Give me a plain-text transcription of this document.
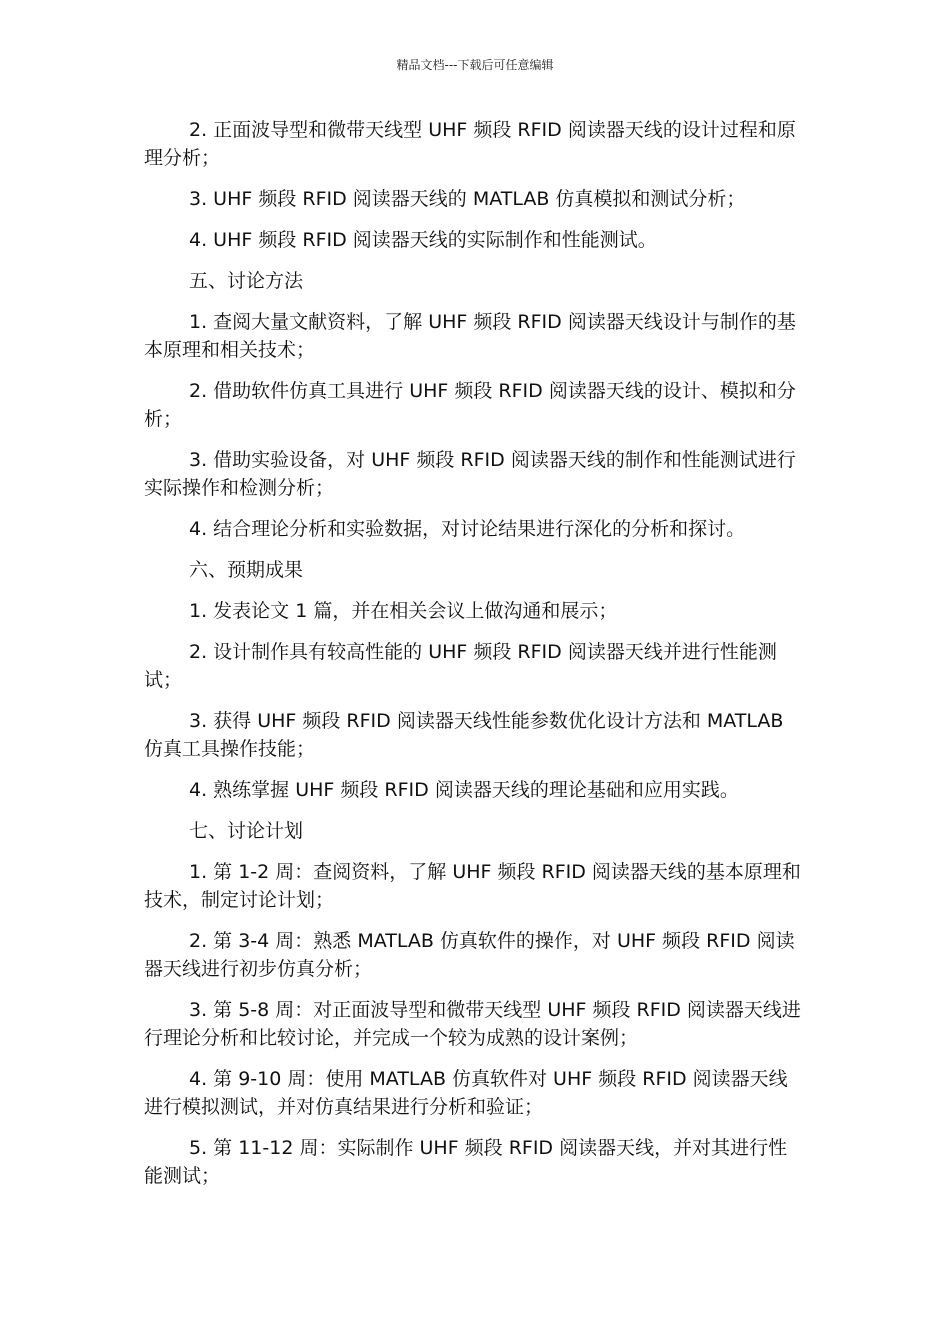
精品文档---下载后可任意编辑

2. 正面波导型和微带天线型 UHF 频段 RFID 阅读器天线的设计过程和原理分析；

3. UHF 频段 RFID 阅读器天线的 MATLAB 仿真模拟和测试分析；

4. UHF 频段 RFID 阅读器天线的实际制作和性能测试。

五、讨论方法

1. 查阅大量文献资料，了解 UHF 频段 RFID 阅读器天线设计与制作的基本原理和相关技术；

2. 借助软件仿真工具进行 UHF 频段 RFID 阅读器天线的设计、模拟和分析；

3. 借助实验设备，对 UHF 频段 RFID 阅读器天线的制作和性能测试进行实际操作和检测分析；

4. 结合理论分析和实验数据，对讨论结果进行深化的分析和探讨。

六、预期成果

1. 发表论文 1 篇，并在相关会议上做沟通和展示；

2. 设计制作具有较高性能的 UHF 频段 RFID 阅读器天线并进行性能测试；

3. 获得 UHF 频段 RFID 阅读器天线性能参数优化设计方法和 MATLAB 仿真工具操作技能；

4. 熟练掌握 UHF 频段 RFID 阅读器天线的理论基础和应用实践。

七、讨论计划

1. 第 1-2 周：查阅资料，了解 UHF 频段 RFID 阅读器天线的基本原理和技术，制定讨论计划；

2. 第 3-4 周：熟悉 MATLAB 仿真软件的操作，对 UHF 频段 RFID 阅读器天线进行初步仿真分析；

3. 第 5-8 周：对正面波导型和微带天线型 UHF 频段 RFID 阅读器天线进行理论分析和比较讨论，并完成一个较为成熟的设计案例；

4. 第 9-10 周：使用 MATLAB 仿真软件对 UHF 频段 RFID 阅读器天线进行模拟测试，并对仿真结果进行分析和验证；

5. 第 11-12 周：实际制作 UHF 频段 RFID 阅读器天线，并对其进行性能测试；
